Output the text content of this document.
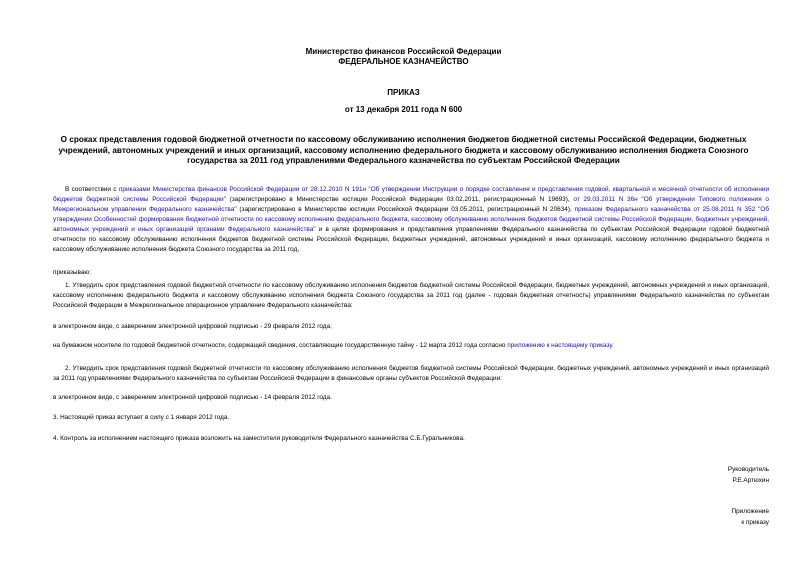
Министерство финансов Российской Федерации
ФЕДЕРАЛЬНОЕ КАЗНАЧЕЙСТВО
ПРИКАЗ
от 13 декабря 2011 года N 600
О сроках представления годовой бюджетной отчетности по кассовому обслуживанию исполнения бюджетов бюджетной системы Российской Федерации, бюджетных учреждений, автономных учреждений и иных организаций, кассовому исполнению федерального бюджета и кассовому обслуживанию исполнения бюджета Союзного государства за 2011 год управлениями Федерального казначейства по субъектам Российской Федерации
В соответствии с приказами Министерства финансов Российской Федерации от 28.12.2010 N 191н "Об утверждении Инструкции о порядке составления и представления годовой, квартальной и месячной отчетности об исполнении бюджетов бюджетной системы Российской Федерации" (зарегистрировано в Министерстве юстиции Российской Федерации 03.02.2011, регистрационный N 19693), от 29.03.2011 N 36н "Об утверждении Типового положения о Межрегиональном управлении Федерального казначейства" (зарегистрировано в Министерстве юстиции Российской Федерации 03.05.2011, регистрационный N 20634), приказом Федерального казначейства от 25.08.2011 N 352 "Об утверждении Особенностей формирования бюджетной отчетности по кассовому исполнению федерального бюджета, кассовому обслуживанию исполнения бюджетов бюджетной системы Российской Федерации, бюджетных учреждений, автономных учреждений и иных организаций органами Федерального казначейства" и в целях формирования и представления управлениями Федерального казначейства по субъектам Российской Федерации годовой бюджетной отчетности по кассовому обслуживанию исполнения бюджетов бюджетной системы Российской Федерации, бюджетных учреждений, автономных учреждений и иных организаций, кассовому исполнению федерального бюджета и кассовому обслуживанию исполнения бюджета Союзного государства за 2011 год,
приказываю:
1. Утвердить срок представления годовой бюджетной отчетности по кассовому обслуживанию исполнения бюджетов бюджетной системы Российской Федерации, бюджетных учреждений, автономных учреждений и иных организаций, кассовому исполнению федерального бюджета и кассовому обслуживанию исполнения бюджета Союзного государства за 2011 год (далее - годовая бюджетная отчетность) управлениями Федерального казначейства по субъектам Российской Федерации в Межрегиональное операционное управление Федерального казначейства:
в электронном виде, с заверением электронной цифровой подписью - 29 февраля 2012 года;
на бумажном носителе по годовой бюджетной отчетности, содержащей сведения, составляющие государственную тайну - 12 марта 2012 года согласно приложению к настоящему приказу.
2. Утвердить срок представления годовой бюджетной отчетности по кассовому обслуживанию исполнения бюджетов бюджетной системы Российской Федерации, бюджетных учреждений, автономных учреждений и иных организаций за 2011 год управлениями Федерального казначейства по субъектам Российской Федерации в финансовые органы субъектов Российской Федерации:
в электронном виде, с заверением электронной цифровой подписью - 14 февраля 2012 года.
3. Настоящий приказ вступает в силу с 1 января 2012 года.
4. Контроль за исполнением настоящего приказа возложить на заместителя руководителя Федерального казначейства С.Б.Гуральникова.
Руководитель
Р.Е.Артюхин
Приложение
к приказу
